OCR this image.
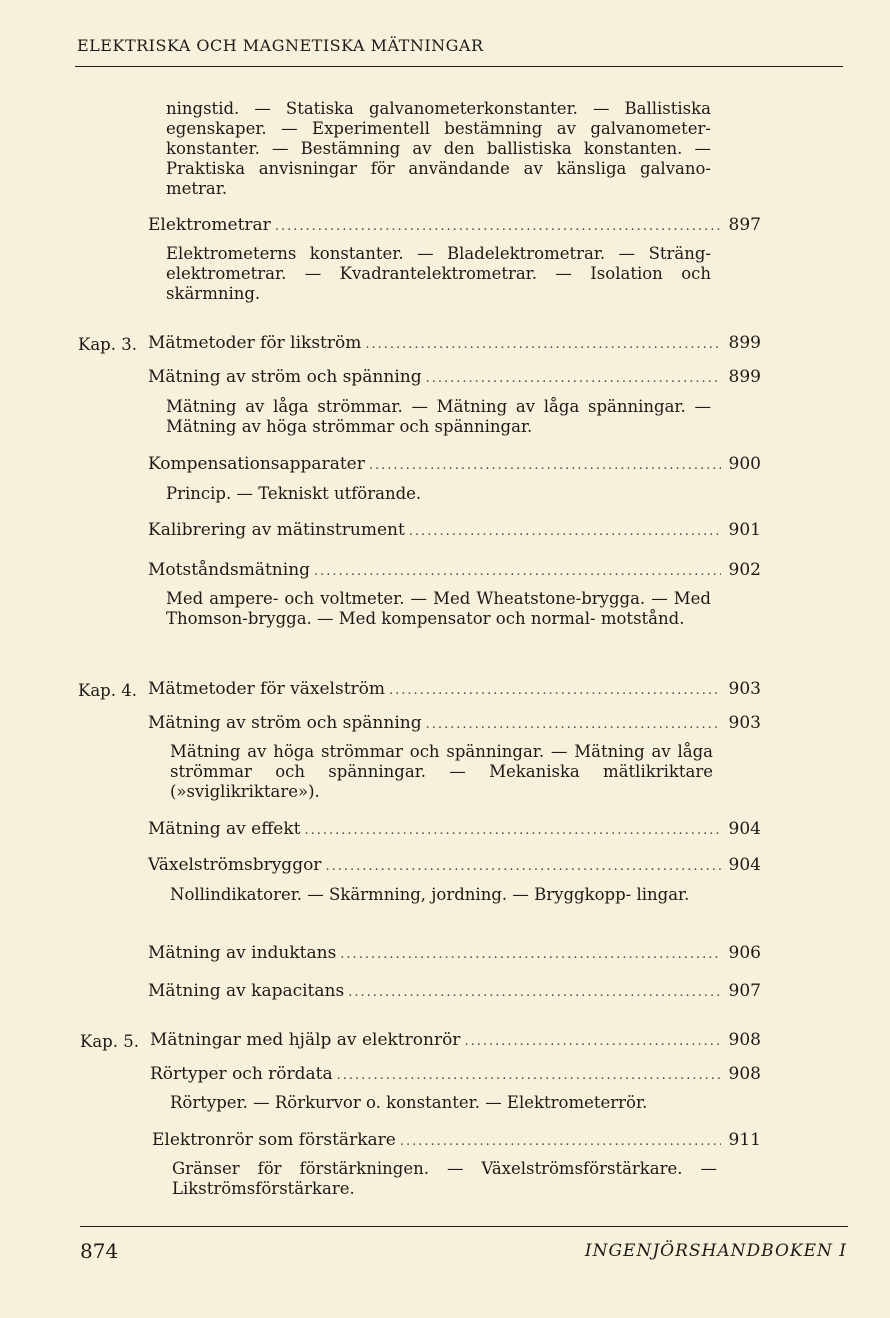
ELEKTRISKA OCH MAGNETISKA MÄTNINGAR
ningstid. — Statiska galvanometerkonstanter. — Ballistiska egenskaper. — Experimentell bestämning av galvanometer- konstanter. — Bestämning av den ballistiska konstanten. — Praktiska anvisningar för användande av känsliga galvano- metrar.
Elektrometrar .....	897
Elektrometerns konstanter. — Bladelektrometrar. — Sträng- elektrometrar. — Kvadrantelektrometrar. — Isolation och skärmning.
Kap. 3. Mätmetoder för likström .....	899
Mätning av ström och spänning .....	899
Mätning av låga strömmar. — Mätning av låga spänningar. — Mätning av höga strömmar och spänningar.
Kompensationsapparater .....	900
Princip. — Tekniskt utförande.
Kalibrering av mätinstrument .....	901
Motståndsmätning .....	902
Med ampere- och voltmeter. — Med Wheatstone-brygga. — Med Thomson-brygga. — Med kompensator och normal- motstånd.
Kap. 4. Mätmetoder för växelström .....	903
Mätning av ström och spänning .....	903
Mätning av höga strömmar och spänningar. — Mätning av låga strömmar och spänningar. — Mekaniska mätlikriktare (»sviglikriktare»).
Mätning av effekt .....	904
Växelströmsbryggor .....	904
Nollindikatorer. — Skärmning, jordning. — Bryggkopp- lingar.
Mätning av induktans .....	906
Mätning av kapacitans .....	907
Kap. 5. Mätningar med hjälp av elektronrör .....	908
Rörtyper och rördata .....	908
Rörtyper. — Rörkurvor o. konstanter. — Elektrometerrör.
Elektronrör som förstärkare .....	911
Gränser för förstärkningen. — Växelströmsförstärkare. — Likströmsförstärkare.
874	INGENJÖRSHANDBOKEN I
